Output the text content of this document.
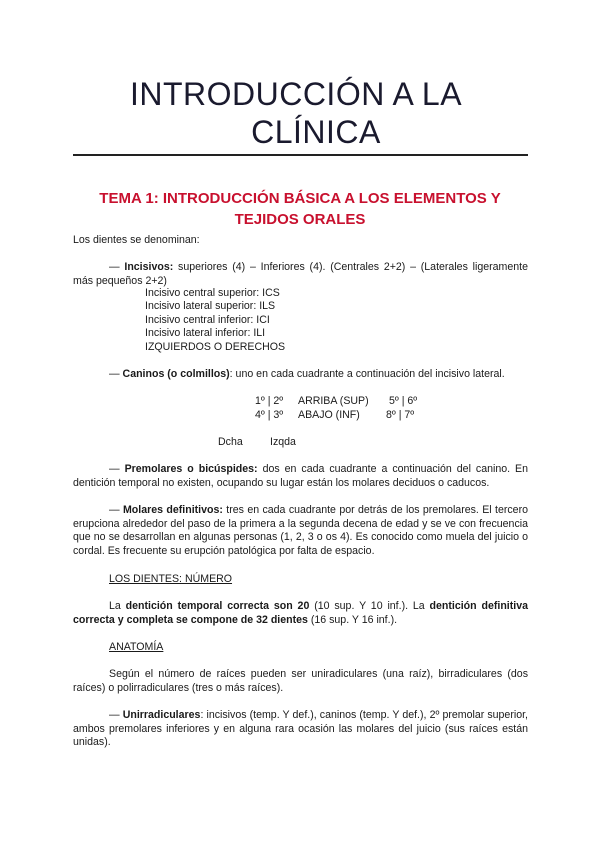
INTRODUCCIÓN A LA
CLÍNICA
TEMA 1: INTRODUCCIÓN BÁSICA A LOS ELEMENTOS Y
TEJIDOS ORALES
Los dientes se denominan:
— Incisivos: superiores (4) – Inferiores (4). (Centrales 2+2) – (Laterales ligeramente más pequeños 2+2)
Incisivo central superior: ICS
Incisivo lateral superior: ILS
Incisivo central inferior: ICI
Incisivo lateral inferior: ILI
IZQUIERDOS O DERECHOS
— Caninos (o colmillos): uno en cada cuadrante a continuación del incisivo lateral.
1º | 2º ARRIBA (SUP) 5º | 6º
4º | 3º ABAJO (INF) 8º | 7º
Dcha	Izqda
— Premolares o bicúspides: dos en cada cuadrante a continuación del canino. En dentición temporal no existen, ocupando su lugar están los molares deciduos o caducos.
— Molares definitivos: tres en cada cuadrante por detrás de los premolares. El tercero erupciona alrededor del paso de la primera a la segunda decena de edad y se ve con frecuencia que no se desarrollan en algunas personas (1, 2, 3 o os 4). Es conocido como muela del juicio o cordal. Es frecuente su erupción patológica por falta de espacio.
LOS DIENTES: NÚMERO
La dentición temporal correcta son 20 (10 sup. Y 10 inf.). La dentición definitiva correcta y completa se compone de 32 dientes (16 sup. Y 16 inf.).
ANATOMÍA
Según el número de raíces pueden ser uniradiculares (una raíz), birradiculares (dos raíces) o polirradiculares (tres o más raíces).
— Unirradiculares: incisivos (temp. Y def.), caninos (temp. Y def.), 2º premolar superior, ambos premolares inferiores y en alguna rara ocasión las molares del juicio (sus raíces están unidas).
